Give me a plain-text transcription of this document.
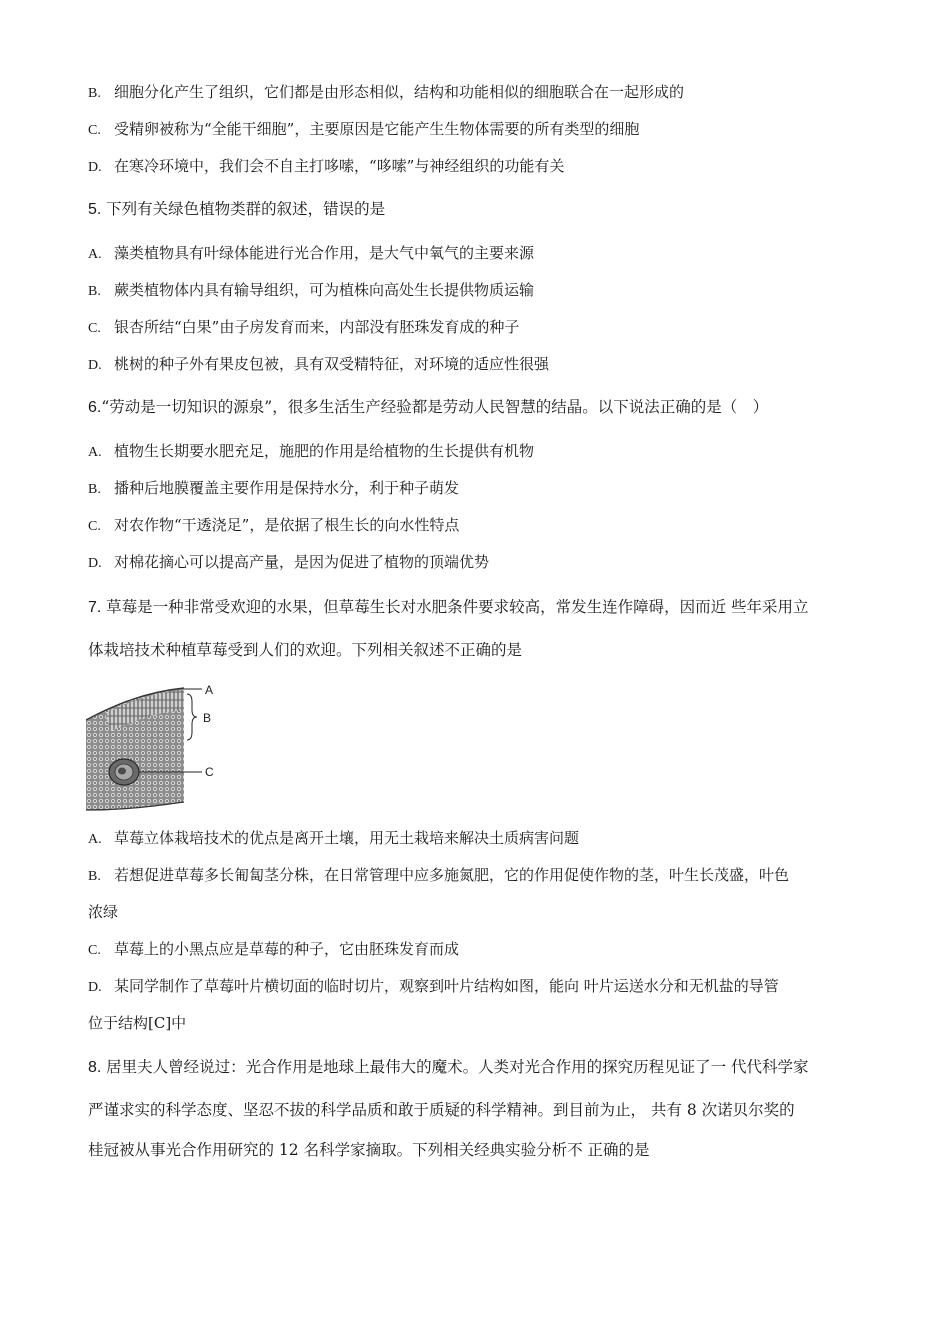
B. 细胞分化产生了组织，它们都是由形态相似，结构和功能相似的细胞联合在一起形成的
C. 受精卵被称为“全能干细胞”，主要原因是它能产生生物体需要的所有类型的细胞
D. 在寒冷环境中，我们会不自主打哆嗦，“哆嗦”与神经组织的功能有关
5. 下列有关绿色植物类群的叙述，错误的是
A. 藻类植物具有叶绿体能进行光合作用，是大气中氧气的主要来源
B. 蕨类植物体内具有输导组织，可为植株向高处生长提供物质运输
C. 银杏所结“白果”由子房发育而来，内部没有胚珠发育成的种子
D. 桃树的种子外有果皮包被，具有双受精特征，对环境的适应性很强
6.“劳动是一切知识的源泉”，很多生活生产经验都是劳动人民智慧的结晶。以下说法正确的是（　）
A. 植物生长期要水肥充足，施肥的作用是给植物的生长提供有机物
B. 播种后地膜覆盖主要作用是保持水分，利于种子萌发
C. 对农作物“干透浇足”，是依据了根生长的向水性特点
D. 对棉花摘心可以提高产量，是因为促进了植物的顶端优势
7. 草莓是一种非常受欢迎的水果，但草莓生长对水肥条件要求较高，常发生连作障碍，因而近 些年采用立
体栽培技术种植草莓受到人们的欢迎。下列相关叙述不正确的是
A
B
C
A. 草莓立体栽培技术的优点是离开土壤，用无土栽培来解决土质病害问题
B. 若想促进草莓多长匍匐茎分株，在日常管理中应多施氮肥，它的作用促使作物的茎，叶生长茂盛，叶色
浓绿
C. 草莓上的小黑点应是草莓的种子，它由胚珠发育而成
D. 某同学制作了草莓叶片横切面的临时切片，观察到叶片结构如图，能向 叶片运送水分和无机盐的导管
位于结构[C]中
8. 居里夫人曾经说过：光合作用是地球上最伟大的魔术。人类对光合作用的探究历程见证了一 代代科学家
严谨求实的科学态度、坚忍不拔的科学品质和敢于质疑的科学精神。到目前为止， 共有 8 次诺贝尔奖的
桂冠被从事光合作用研究的 12 名科学家摘取。下列相关经典实验分析不 正确的是
